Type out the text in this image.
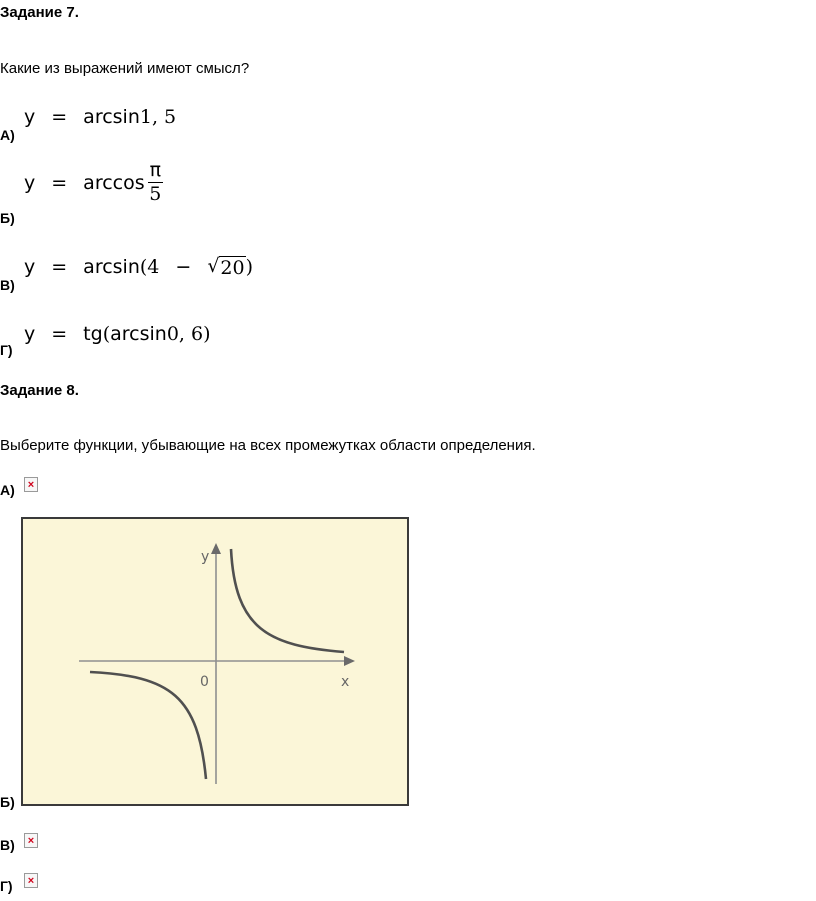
Задание 7.
Какие из выражений имеют смысл?
А)
y = arcsin 1, 5
Б)
$y = \arccos \frac{\pi}{5}$
В)
y = arcsin (4 − √ 20 )
Г)
y = tg ( arcsin 0, 6 )
Задание 8.
Выберите функции, убывающие на всех промежутках области определения.
А)	×
y
x
0
Б)
В)	×
Г)	×
